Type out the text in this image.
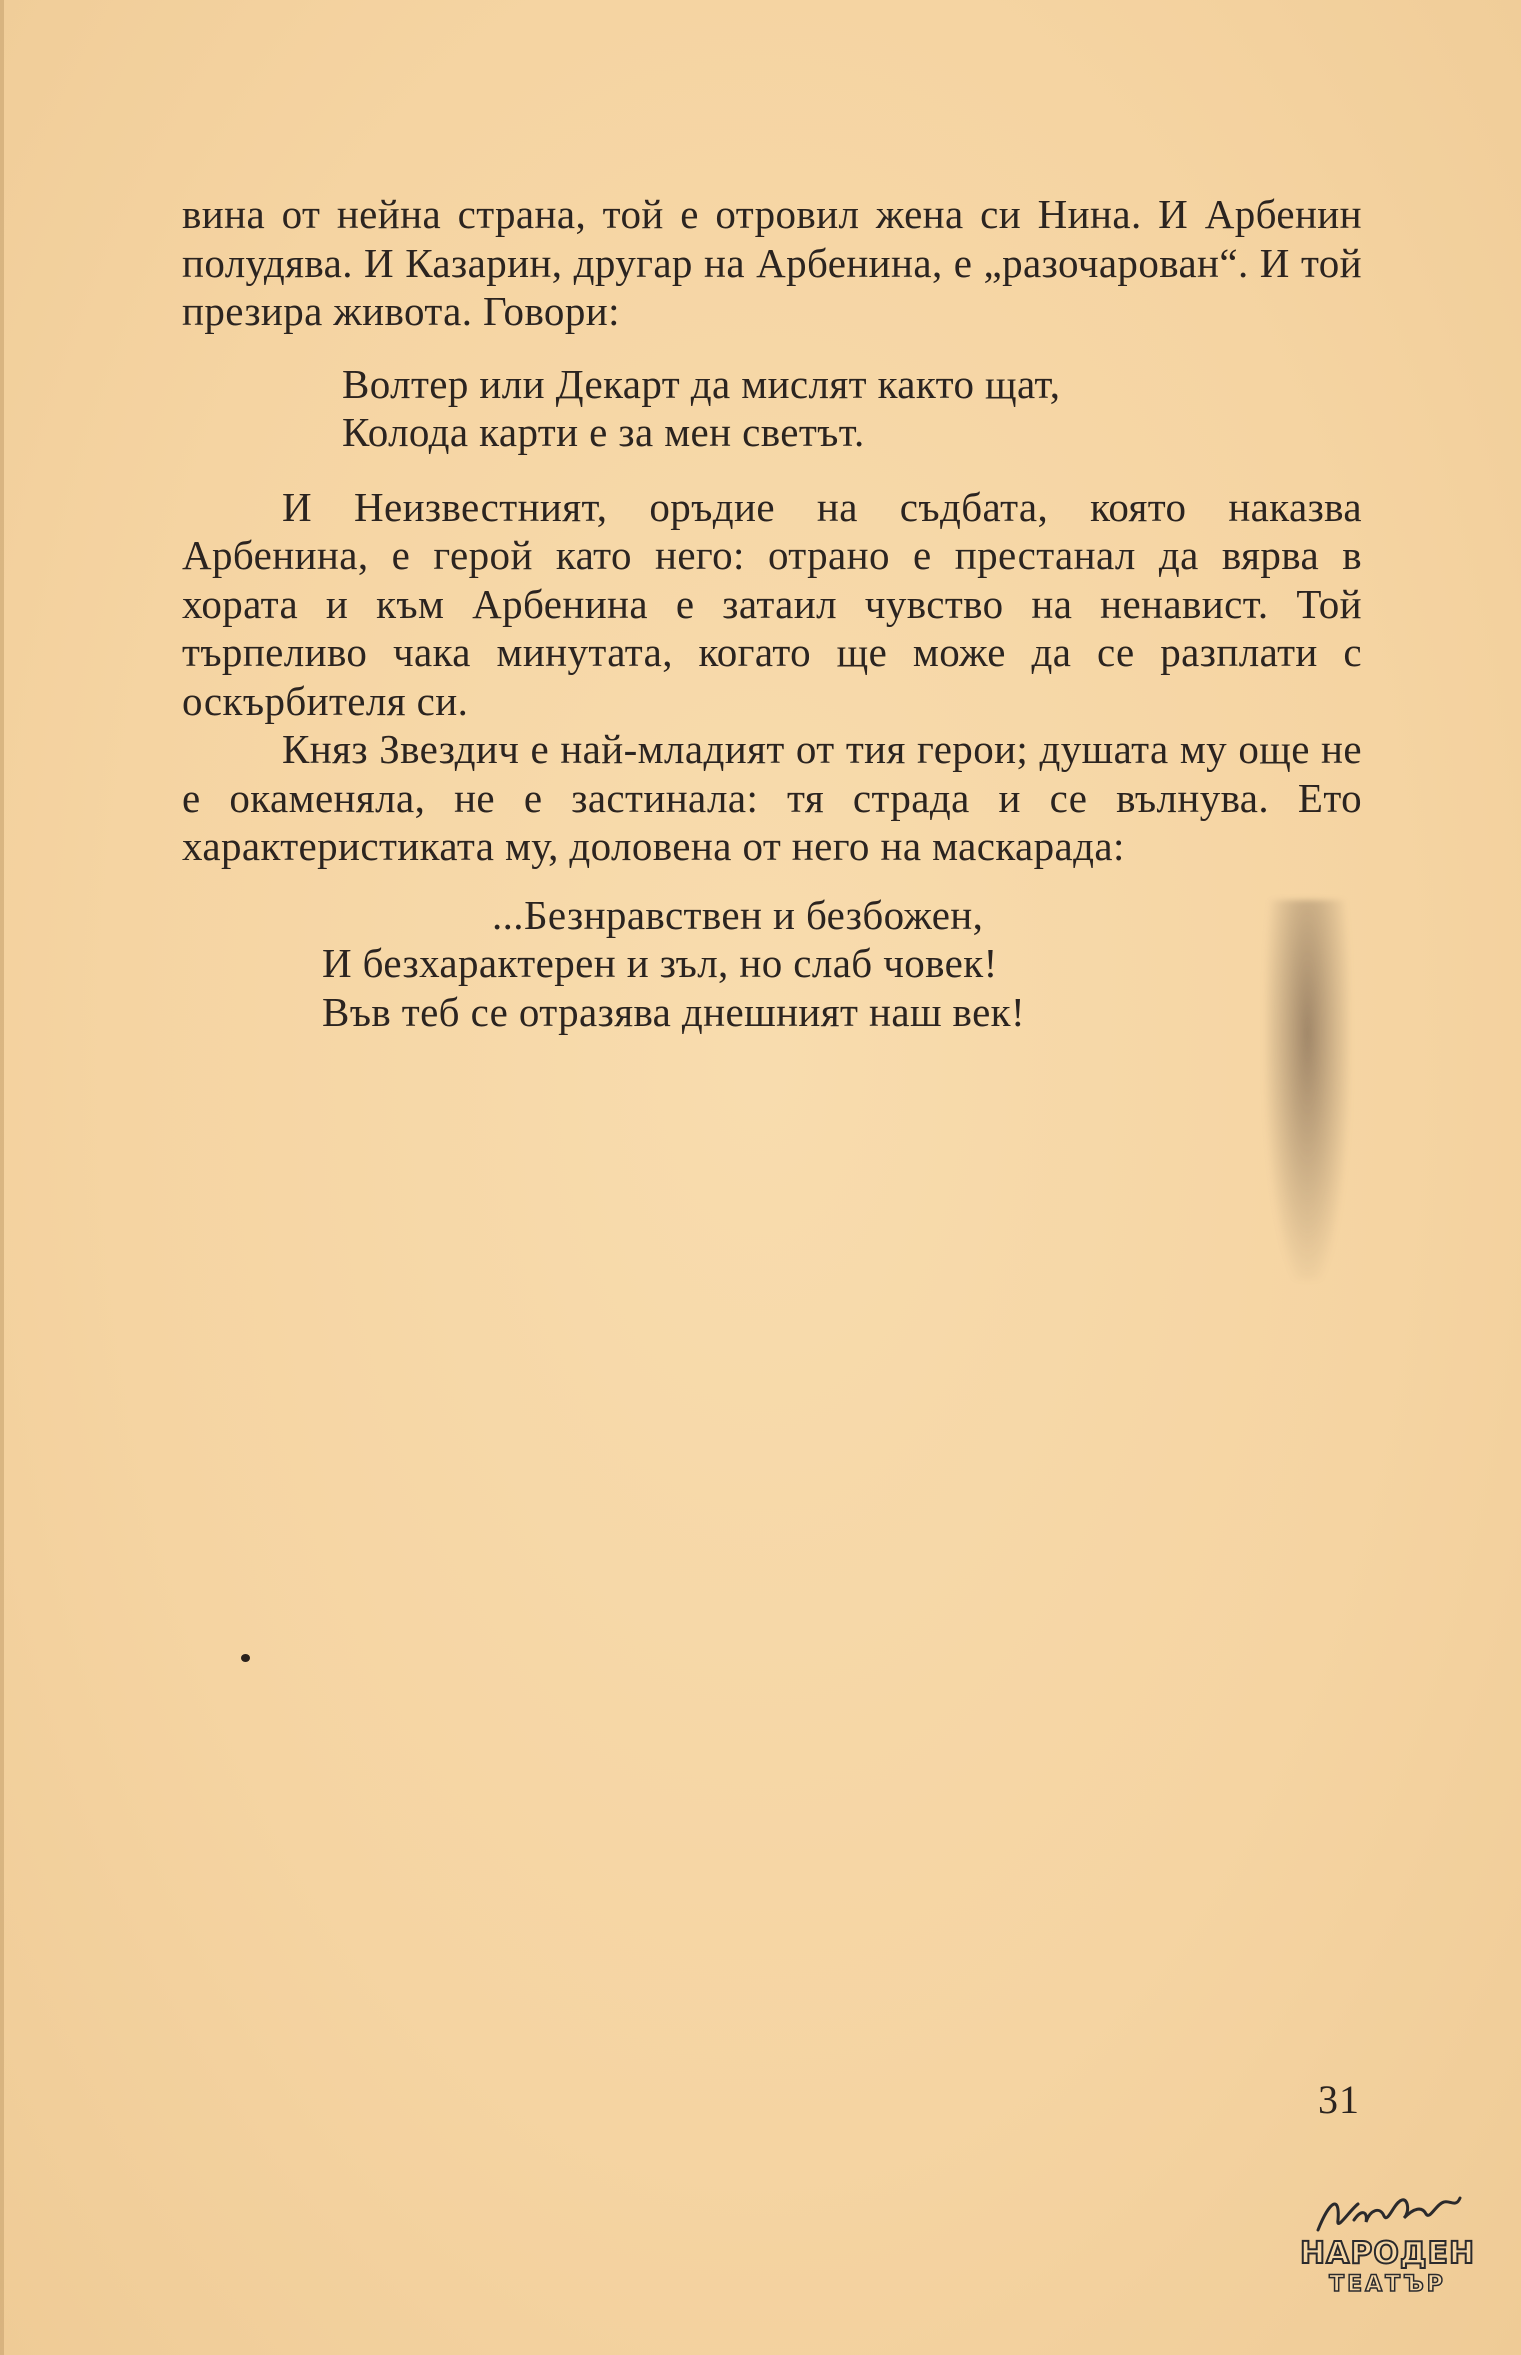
вина от нейна страна, той е отровил жена си Нина. И Арбенин полудява. И Казарин, другар на Арбенина, е „разочарован“. И той презира живота. Говори:

Волтер или Декарт да мислят както щат,
Колода карти е за мен светът.

И Неизвестният, оръдие на съдбата, която наказва Арбенина, е герой като него: отрано е престанал да вярва в хората и към Арбенина е затаил чувство на ненавист. Той търпеливо чака минутата, когато ще може да се разплати с оскърбителя си.

Княз Звездич е най-младият от тия герои; душата му още не е окаменяла, не е застинала: тя страда и се вълнува. Ето характеристиката му, доловена от него на маскарада:

...Безнравствен и безбожен,
И безхарактерен и зъл, но слаб човек!
Във теб се отразява днешният наш век!
31
НАРОДЕН
ТЕАТЪР
